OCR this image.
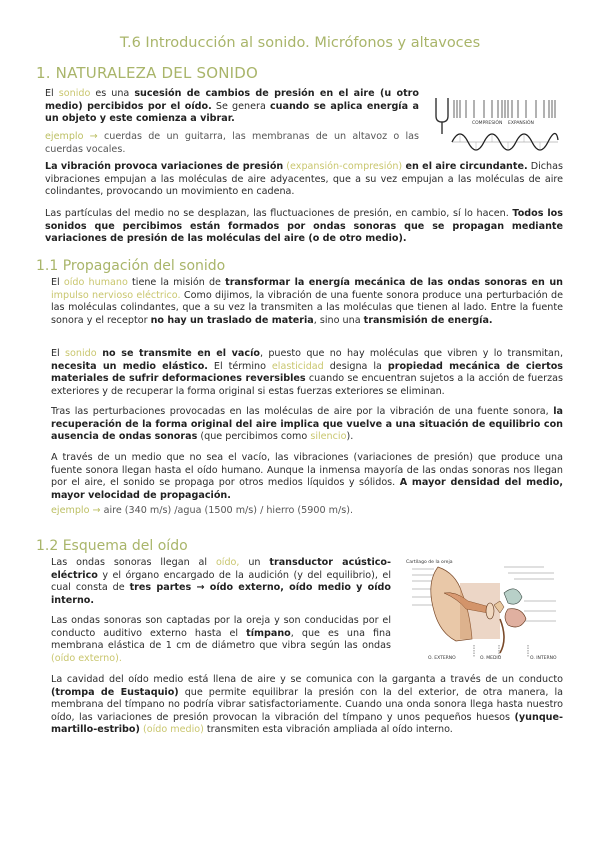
T.6 Introducción al sonido. Micrófonos y altavoces
1. NATURALEZA DEL SONIDO

El sonido es una sucesión de cambios de presión en el aire (u otro medio) percibidos por el oído. Se genera cuando se aplica energía a un objeto y este comienza a vibrar.

ejemplo → cuerdas de un guitarra, las membranas de un altavoz o las cuerdas vocales.

COMPRESIÓN EXPANSIÓN

La vibración provoca variaciones de presión (expansión-compresión) en el aire circundante. Dichas vibraciones empujan a las moléculas de aire adyacentes, que a su vez empujan a las moléculas de aire colindantes, provocando un movimiento en cadena.

Las partículas del medio no se desplazan, las fluctuaciones de presión, en cambio, sí lo hacen. Todos los sonidos que percibimos están formados por ondas sonoras que se propagan mediante variaciones de presión de las moléculas del aire (o de otro medio).

1.1 Propagación del sonido

El oído humano tiene la misión de transformar la energía mecánica de las ondas sonoras en un impulso nervioso eléctrico. Como dijimos, la vibración de una fuente sonora produce una perturbación de las moléculas colindantes, que a su vez la transmiten a las moléculas que tienen al lado. Entre la fuente sonora y el receptor no hay un traslado de materia, sino una transmisión de energía.

El sonido no se transmite en el vacío, puesto que no hay moléculas que vibren y lo transmitan, necesita un medio elástico. El término elasticidad designa la propiedad mecánica de ciertos materiales de sufrir deformaciones reversibles cuando se encuentran sujetos a la acción de fuerzas exteriores y de recuperar la forma original si estas fuerzas exteriores se eliminan.

Tras las perturbaciones provocadas en las moléculas de aire por la vibración de una fuente sonora, la recuperación de la forma original del aire implica que vuelve a una situación de equilibrio con ausencia de ondas sonoras (que percibimos como silencio).

A través de un medio que no sea el vacío, las vibraciones (variaciones de presión) que produce una fuente sonora llegan hasta el oído humano. Aunque la inmensa mayoría de las ondas sonoras nos llegan por el aire, el sonido se propaga por otros medios líquidos y sólidos. A mayor densidad del medio, mayor velocidad de propagación.

ejemplo → aire (340 m/s) /agua (1500 m/s) / hierro (5900 m/s).

1.2 Esquema del oído

Las ondas sonoras llegan al oído, un transductor acústico-eléctrico y el órgano encargado de la audición (y del equilibrio), el cual consta de tres partes → oído externo, oído medio y oído interno.

Las ondas sonoras son captadas por la oreja y son conducidas por el conducto auditivo externo hasta el tímpano, que es una fina membrana elástica de 1 cm de diámetro que vibra según las ondas (oído externo).

Cartílago de la oreja
O. EXTERNO	O. MEDIO	O. INTERNO

La cavidad del oído medio está llena de aire y se comunica con la garganta a través de un conducto (trompa de Eustaquio) que permite equilibrar la presión con la del exterior, de otra manera, la membrana del tímpano no podría vibrar satisfactoriamente. Cuando una onda sonora llega hasta nuestro oído, las variaciones de presión provocan la vibración del tímpano y unos pequeños huesos (yunque-martillo-estribo) (oído medio) transmiten esta vibración ampliada al oído interno.
